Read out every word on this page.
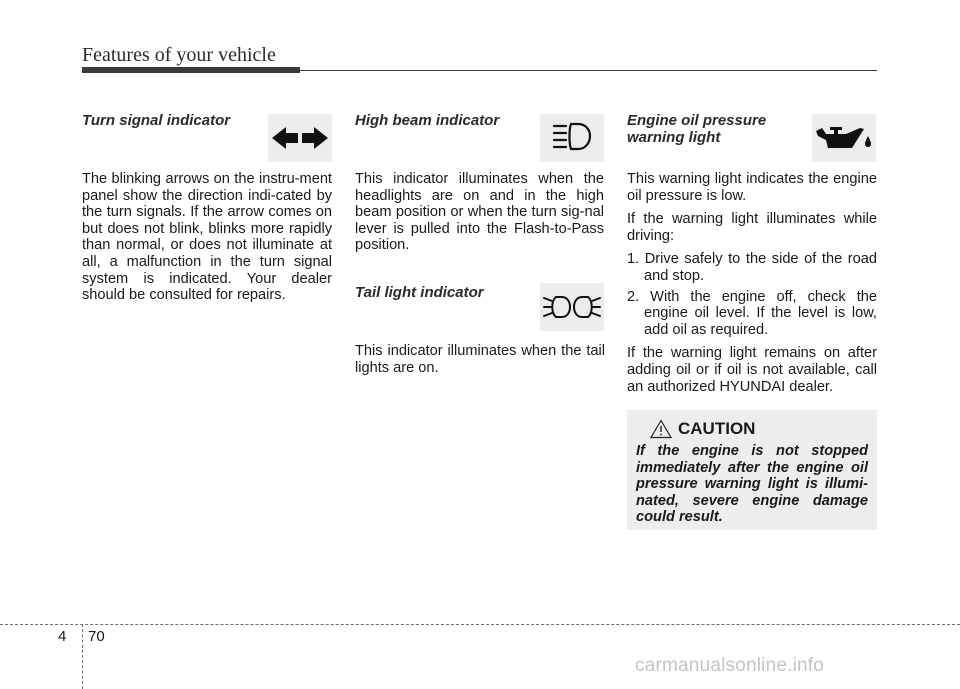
Features of your vehicle

Turn signal indicator

The blinking arrows on the instru-ment panel show the direction indi-cated by the turn signals. If the arrow comes on but does not blink, blinks more rapidly than normal, or does not illuminate at all, a malfunction in the turn signal system is indicated. Your dealer should be consulted for repairs.

High beam indicator

This indicator illuminates when the headlights are on and in the high beam position or when the turn sig-nal lever is pulled into the Flash-to-Pass position.

Tail light indicator

This indicator illuminates when the tail lights are on.

Engine oil pressure

warning light

This warning light indicates the engine oil pressure is low.

If the warning light illuminates while driving:

1. Drive safely to the side of the road and stop.
2. With the engine off, check the engine oil level. If the level is low, add oil as required.

If the warning light remains on after adding oil or if oil is not available, call an authorized HYUNDAI dealer.

CAUTION

If the engine is not stopped immediately after the engine oil pressure warning light is illumi-nated, severe engine damage could result.

4 70
carmanualsonline.info
